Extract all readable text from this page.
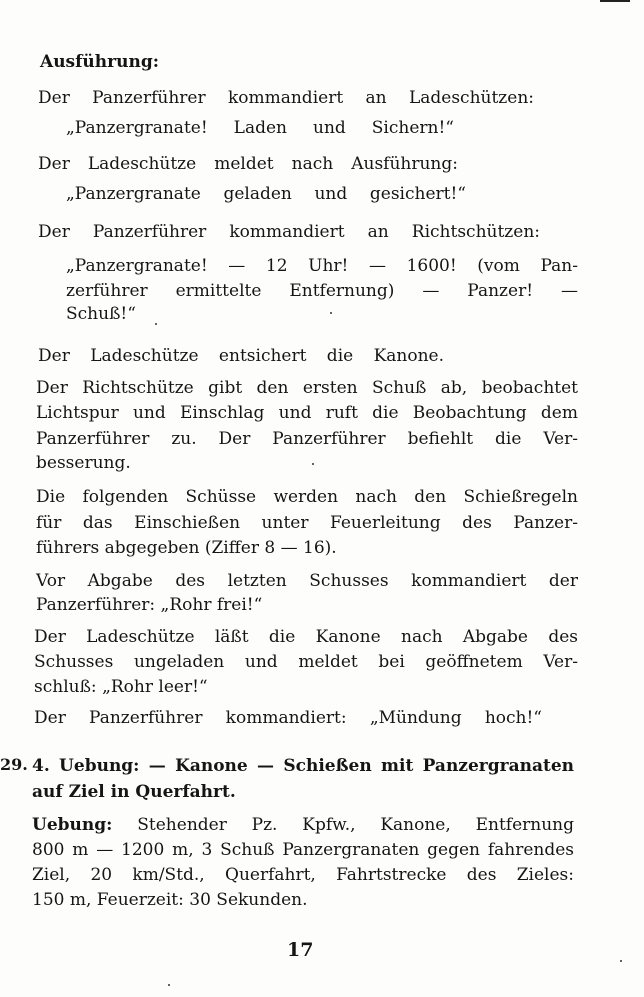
Ausführung:
Der Panzerführer kommandiert an Ladeschützen:
„Panzergranate! Laden und Sichern!“
Der Ladeschütze meldet nach Ausführung:
„Panzergranate geladen und gesichert!“
Der Panzerführer kommandiert an Richtschützen:
„Panzergranate! — 12 Uhr! — 1600! (vom Pan-
zerführer ermittelte Entfernung) — Panzer! —
Schuß!“
Der Ladeschütze entsichert die Kanone.
Der Richtschütze gibt den ersten Schuß ab, beobachtet
Lichtspur und Einschlag und ruft die Beobachtung dem
Panzerführer zu. Der Panzerführer befiehlt die Ver-
besserung.
Die folgenden Schüsse werden nach den Schießregeln
für das Einschießen unter Feuerleitung des Panzer-
führers abgegeben (Ziffer 8 — 16).
Vor Abgabe des letzten Schusses kommandiert der
Panzerführer: „Rohr frei!“
Der Ladeschütze läßt die Kanone nach Abgabe des
Schusses ungeladen und meldet bei geöffnetem Ver-
schluß: „Rohr leer!“
Der Panzerführer kommandiert: „Mündung hoch!“
29. 4. Uebung: — Kanone — Schießen mit Panzergranaten
auf Ziel in Querfahrt.
Uebung: Stehender Pz. Kpfw., Kanone, Entfernung
800 m — 1200 m, 3 Schuß Panzergranaten gegen fahrendes
Ziel, 20 km/Std., Querfahrt, Fahrtstrecke des Zieles:
150 m, Feuerzeit: 30 Sekunden.
17
